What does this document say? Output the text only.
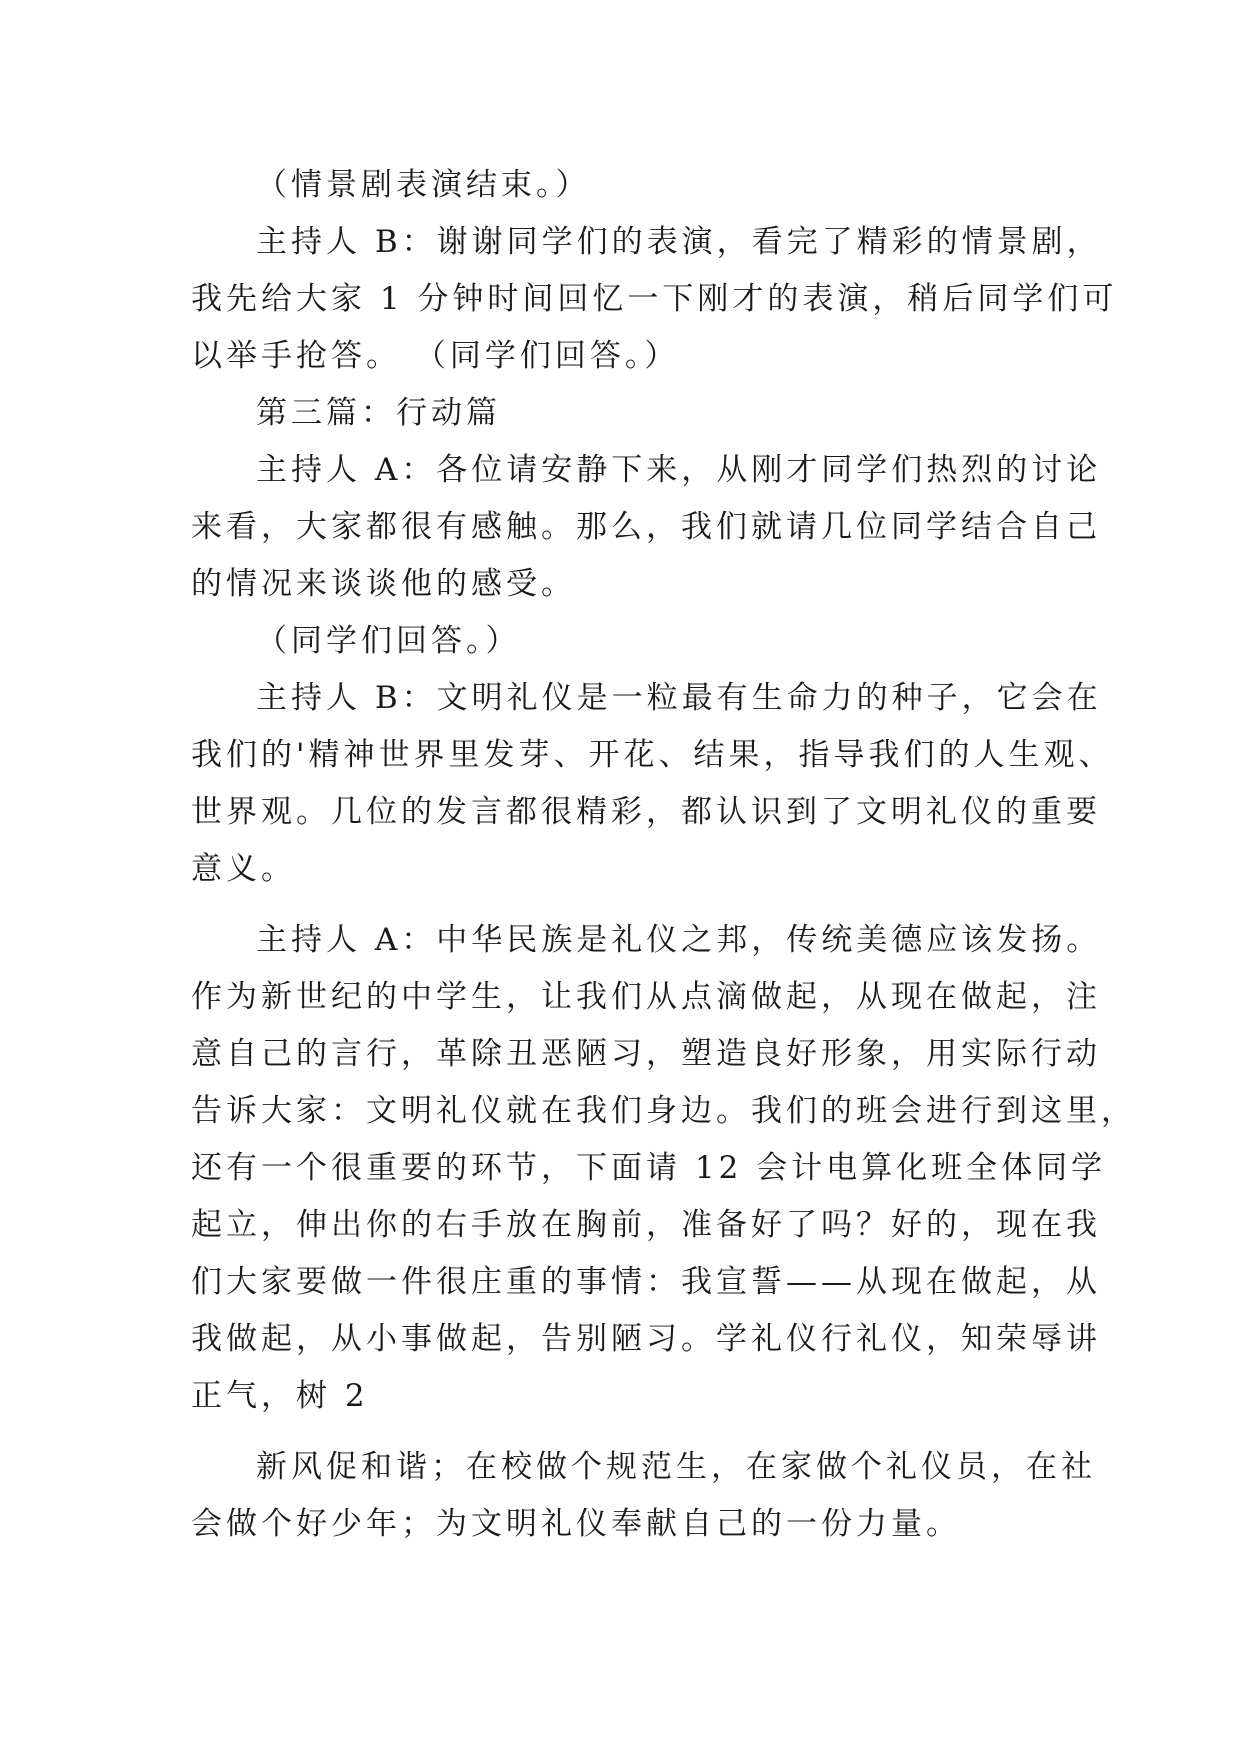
（情景剧表演结束。）
主持人 B：谢谢同学们的表演，看完了精彩的情景剧，
我先给大家 1 分钟时间回忆一下刚才的表演，稍后同学们可
以举手抢答。 （同学们回答。）
第三篇：行动篇
主持人 A：各位请安静下来，从刚才同学们热烈的讨论
来看，大家都很有感触。那么，我们就请几位同学结合自己
的情况来谈谈他的感受。
（同学们回答。）
主持人 B：文明礼仪是一粒最有生命力的种子，它会在
我们的'精神世界里发芽、开花、结果，指导我们的人生观、
世界观。几位的发言都很精彩，都认识到了文明礼仪的重要
意义。
主持人 A：中华民族是礼仪之邦，传统美德应该发扬。
作为新世纪的中学生，让我们从点滴做起，从现在做起，注
意自己的言行，革除丑恶陋习，塑造良好形象，用实际行动
告诉大家：文明礼仪就在我们身边。我们的班会进行到这里，
还有一个很重要的环节，下面请 12 会计电算化班全体同学
起立，伸出你的右手放在胸前，准备好了吗？好的，现在我
们大家要做一件很庄重的事情：我宣誓——从现在做起，从
我做起，从小事做起，告别陋习。学礼仪行礼仪，知荣辱讲
正气，树 2
新风促和谐；在校做个规范生，在家做个礼仪员，在社
会做个好少年；为文明礼仪奉献自己的一份力量。
